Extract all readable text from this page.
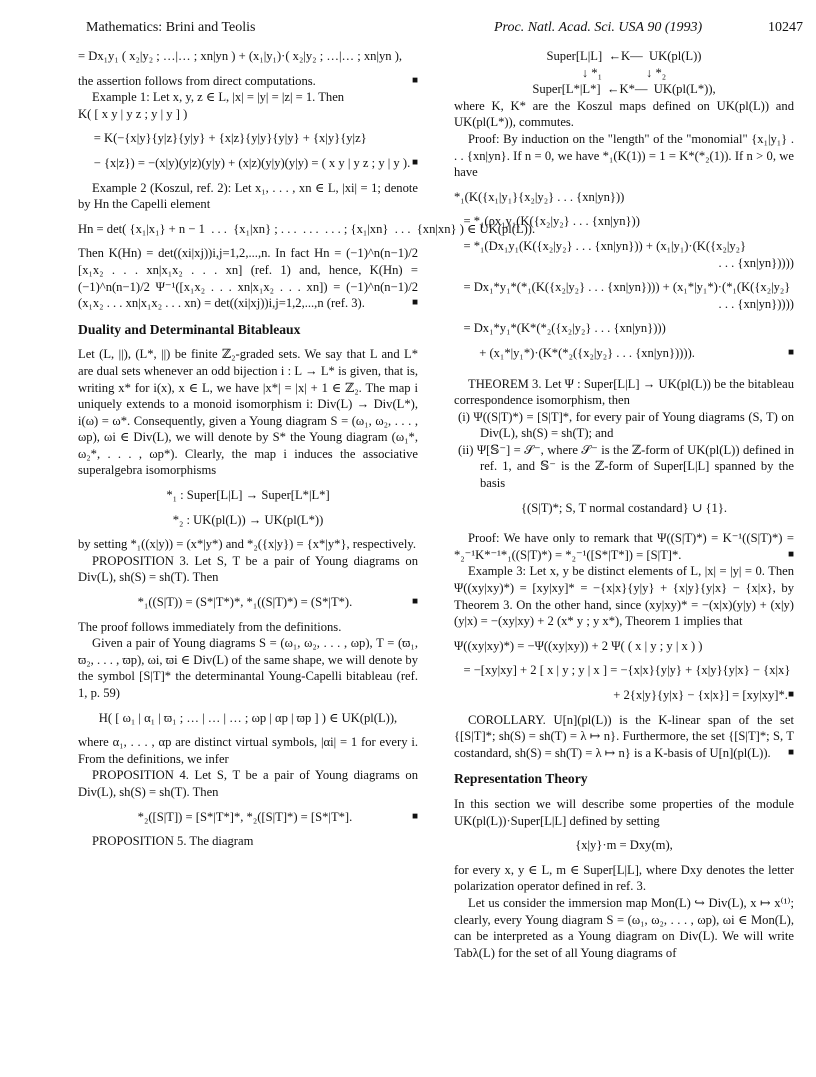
Mathematics: Brini and Teolis	Proc. Natl. Acad. Sci. USA 90 (1993)	10247
= Dx₁y₁ ( x₂|y₂ ; …|… ; xn|yn ) + (x₁|y₁)·( x₂|y₂ ; …|… ; xn|yn ),
the assertion follows from direct computations. ■
Example 1: Let x, y, z ∈ L, |x| = |y| = |z| = 1. Then
K( [ x y | y z ; y | y ] )
= K(−{x|y}{y|z}{y|y} + {x|z}{y|y}{y|y} + {x|y}{y|z}
− {x|z}) = −(x|y)(y|z)(y|y) + (x|z)(y|y)(y|y) = ( x y | y z ; y | y ). ■
Example 2 (Koszul, ref. 2): Let x₁, . . . , xn ∈ L, |xi| = 1; denote by Hn the Capelli element
Hn = det( {x₁|x₁} + n − 1  . . .  {x₁|xn} ; . . .  . . .  . . . ; {x₁|xn}  . . .  {xn|xn} ) ∈ UK(pl(L)).
Then K(Hn) = det((xi|xj))i,j=1,2,...,n. In fact Hn = (−1)^n(n−1)/2 [x₁x₂ . . . xn|x₁x₂ . . . xn] (ref. 1) and, hence, K(Hn) = (−1)^n(n−1)/2 Ψ⁻¹([x₁x₂ . . . xn|x₁x₂ . . . xn]) = (−1)^n(n−1)/2 (x₁x₂ . . . xn|x₁x₂ . . . xn) = det((xi|xj))i,j=1,2,...,n (ref. 3). ■
Duality and Determinantal Bitableaux
Let (L, ||), (L*, ||) be finite ℤ₂-graded sets. We say that L and L* are dual sets whenever an odd bijection i : L → L* is given, that is, writing x* for i(x), x ∈ L, we have |x*| = |x| + 1 ∈ ℤ₂. The map i uniquely extends to a monoid isomorphism i: Div(L) → Div(L*), i(ω) = ω*. Consequently, given a Young diagram S = (ω₁, ω₂, . . . , ωp), ωi ∈ Div(L), we will denote by S* the Young diagram (ω₁*, ω₂*, . . . , ωp*). Clearly, the map i induces the associative superalgebra isomorphisms
*₁ : Super[L|L] → Super[L*|L*]
*₂ : UK(pl(L)) → UK(pl(L*))
by setting *₁((x|y)) = (x*|y*) and *₂({x|y}) = {x*|y*}, respectively.
PROPOSITION 3. Let S, T be a pair of Young diagrams on Div(L), sh(S) = sh(T). Then
*₁((S|T)) = (S*|T*)*, *₁((S|T)*) = (S*|T*). ■
The proof follows immediately from the definitions.
Given a pair of Young diagrams S = (ω₁, ω₂, . . . , ωp), T = (ϖ₁, ϖ₂, . . . , ϖp), ωi, ϖi ∈ Div(L) of the same shape, we will denote by the symbol [S|T]* the determinantal Young-Capelli bitableau (ref. 1, p. 59)
H( [ ω₁ | α₁ | ϖ₁ ; … | … | … ; ωp | αp | ϖp ] ) ∈ UK(pl(L)),
where α₁, . . . , αp are distinct virtual symbols, |αi| = 1 for every i. From the definitions, we infer
PROPOSITION 4. Let S, T be a pair of Young diagrams on Div(L), sh(S) = sh(T). Then
*₂([S|T]) = [S*|T*]*, *₂([S|T]*) = [S*|T*]. ■
PROPOSITION 5. The diagram
Super[L|L]  ←K—  UK(pl(L))
↓ *₁              ↓ *₂
Super[L*|L*]  ←K*—  UK(pl(L*)),
where K, K* are the Koszul maps defined on UK(pl(L)) and UK(pl(L*)), commutes.
Proof: By induction on the "length" of the "monomial" {x₁|y₁} . . . {xn|yn}. If n = 0, we have *₁(K(1)) = 1 = K*(*₂(1)). If n > 0, we have
*₁(K({x₁|y₁}{x₂|y₂} . . . {xn|yn}))
= *₁(ρx₁y₁(K({x₂|y₂} . . . {xn|yn}))
= *₁(Dx₁y₁(K({x₂|y₂} . . . {xn|yn})) + (x₁|y₁)·(K({x₂|y₂}
. . . {xn|yn}))))
= Dx₁*y₁*(*₁(K({x₂|y₂} . . . {xn|yn}))) + (x₁*|y₁*)·(*₁(K({x₂|y₂}
. . . {xn|yn}))))
= Dx₁*y₁*(K*(*₂({x₂|y₂} . . . {xn|yn})))
+ (x₁*|y₁*)·(K*(*₂({x₂|y₂} . . . {xn|yn})))). ■
THEOREM 3. Let Ψ : Super[L|L] → UK(pl(L)) be the bitableau correspondence isomorphism, then
(i) Ψ((S|T)*) = [S|T]*, for every pair of Young diagrams (S, T) on Div(L), sh(S) = sh(T); and
(ii) Ψ[𝕊⁻] = 𝒮⁻, where 𝒮⁻ is the ℤ-form of UK(pl(L)) defined in ref. 1, and 𝕊⁻ is the ℤ-form of Super[L|L] spanned by the basis
{(S|T)*; S, T normal costandard} ∪ {1}.
Proof: We have only to remark that Ψ((S|T)*) = K⁻¹((S|T)*) = *₂⁻¹K*⁻¹*₁((S|T)*) = *₂⁻¹([S*|T*]) = [S|T]*. ■
Example 3: Let x, y be distinct elements of L, |x| = |y| = 0. Then Ψ((xy|xy)*) = [xy|xy]* = −{x|x}{y|y} + {x|y}{y|x} − {x|x}, by Theorem 3. On the other hand, since (xy|xy)* = −(x|x)(y|y) + (x|y)(y|x) = −(xy|xy) + 2 (x* y ; y x*), Theorem 1 implies that
Ψ((xy|xy)*) = −Ψ((xy|xy)) + 2 Ψ( ( x | y ; y | x ) )
= −[xy|xy] + 2 [ x | y ; y | x ] = −{x|x}{y|y} + {x|y}{y|x} − {x|x}
+ 2{x|y}{y|x} − {x|x}] = [xy|xy]*. ■
COROLLARY. U[n](pl(L)) is the K-linear span of the set {[S|T]*; sh(S) = sh(T) = λ ↦ n}. Furthermore, the set {[S|T]*; S, T costandard, sh(S) = sh(T) = λ ↦ n} is a K-basis of U[n](pl(L)). ■
Representation Theory
In this section we will describe some properties of the module UK(pl(L))·Super[L|L] defined by setting
{x|y}·m = Dxy(m),
for every x, y ∈ L, m ∈ Super[L|L], where Dxy denotes the letter polarization operator defined in ref. 3.
Let us consider the immersion map Mon(L) ↪ Div(L), x ↦ x⁽¹⁾; clearly, every Young diagram S = (ω₁, ω₂, . . . , ωp), ωi ∈ Mon(L), can be interpreted as a Young diagram on Div(L). We will write Tabλ(L) for the set of all Young diagrams of
